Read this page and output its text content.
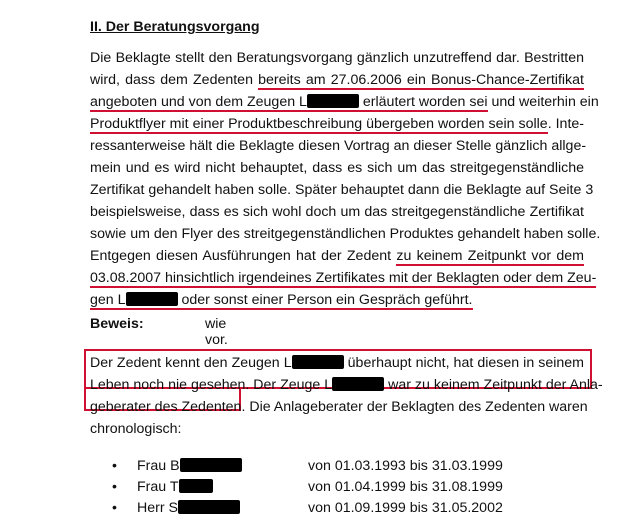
II. Der Beratungsvorgang
Die Beklagte stellt den Beratungsvorgang gänzlich unzutreffend dar. Bestritten
wird, dass dem Zedenten bereits am 27.06.2006 ein Bonus-Chance-Zertifikat
angeboten und von dem Zeugen L	erläutert worden sei und weiterhin ein
Produktflyer mit einer Produktbeschreibung übergeben worden sein solle. Inte-
ressanterweise hält die Beklagte diesen Vortrag an dieser Stelle gänzlich allge-
mein und es wird nicht behauptet, dass es sich um das streitgegenständliche
Zertifikat gehandelt haben solle. Später behauptet dann die Beklagte auf Seite 3
beispielsweise, dass es sich wohl doch um das streitgegenständliche Zertifikat
sowie um den Flyer des streitgegenständlichen Produktes gehandelt haben solle.
Entgegen diesen Ausführungen hat der Zedent zu keinem Zeitpunkt vor dem
03.08.2007 hinsichtlich irgendeines Zertifikates mit der Beklagten oder dem Zeu-
gen L	oder sonst einer Person ein Gespräch geführt.
Beweis:	wie vor.
Der Zedent kennt den Zeugen L	überhaupt nicht, hat diesen in seinem
Leben noch nie gesehen. Der Zeuge L	war zu keinem Zeitpunkt der Anla-
geberater des Zedenten. Die Anlageberater der Beklagten des Zedenten waren
chronologisch:
• Frau B	von 01.03.1993 bis 31.03.1999
• Frau T	von 01.04.1999 bis 31.08.1999
• Herr S	von 01.09.1999 bis 31.05.2002
